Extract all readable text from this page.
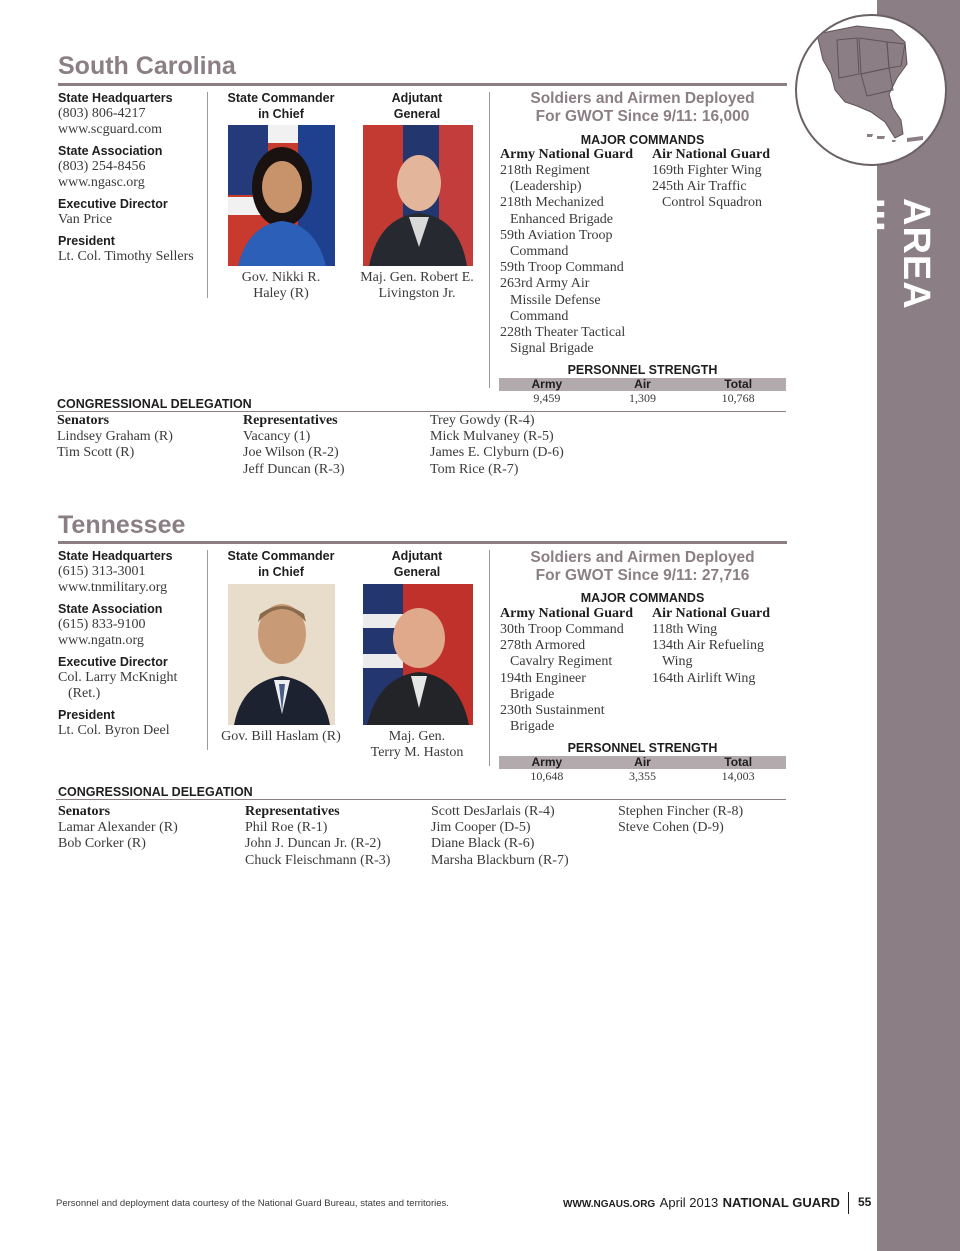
AREA III
South Carolina
State Headquarters
(803) 806-4217
www.scguard.com
State Association
(803) 254-8456
www.ngasc.org
Executive Director
Van Price
President
Lt. Col. Timothy Sellers
State Commander
in Chief
Adjutant
General
Gov. Nikki R.
Haley (R)
Maj. Gen. Robert E.
Livingston Jr.
Soldiers and Airmen Deployed
For GWOT Since 9/11: 16,000
MAJOR COMMANDS
Army National Guard
218th Regiment
(Leadership)
218th Mechanized
Enhanced Brigade
59th Aviation Troop
Command
59th Troop Command
263rd Army Air
Missile Defense
Command
228th Theater Tactical
Signal Brigade
Air National Guard
169th Fighter Wing
245th Air Traffic
Control Squadron
PERSONNEL STRENGTH
Army	Air	Total
9,459	1,309	10,768
CONGRESSIONAL DELEGATION
Senators
Lindsey Graham (R)
Tim Scott (R)
Representatives
Vacancy (1)
Joe Wilson (R-2)
Jeff Duncan (R-3)
Trey Gowdy (R-4)
Mick Mulvaney (R-5)
James E. Clyburn (D-6)
Tom Rice (R-7)
Tennessee
State Headquarters
(615) 313-3001
www.tnmilitary.org
State Association
(615) 833-9100
www.ngatn.org
Executive Director
Col. Larry McKnight
(Ret.)
President
Lt. Col. Byron Deel
State Commander
in Chief
Adjutant
General
Gov. Bill Haslam (R)	Maj. Gen.
Terry M. Haston
Soldiers and Airmen Deployed
For GWOT Since 9/11: 27,716
MAJOR COMMANDS
Army National Guard
30th Troop Command
278th Armored
Cavalry Regiment
194th Engineer
Brigade
230th Sustainment
Brigade
Air National Guard
118th Wing
134th Air Refueling
Wing
164th Airlift Wing
PERSONNEL STRENGTH
Army	Air	Total
10,648	3,355	14,003
CONGRESSIONAL DELEGATION
Senators
Lamar Alexander (R)
Bob Corker (R)
Representatives
Phil Roe (R-1)
John J. Duncan Jr. (R-2)
Chuck Fleischmann (R-3)
Scott DesJarlais (R-4)
Jim Cooper (D-5)
Diane Black (R-6)
Marsha Blackburn (R-7)
Stephen Fincher (R-8)
Steve Cohen (D-9)
Personnel and deployment data courtesy of the National Guard Bureau, states and territories.	WWW.NGAUS.ORG April 2013 NATIONAL GUARD 55
